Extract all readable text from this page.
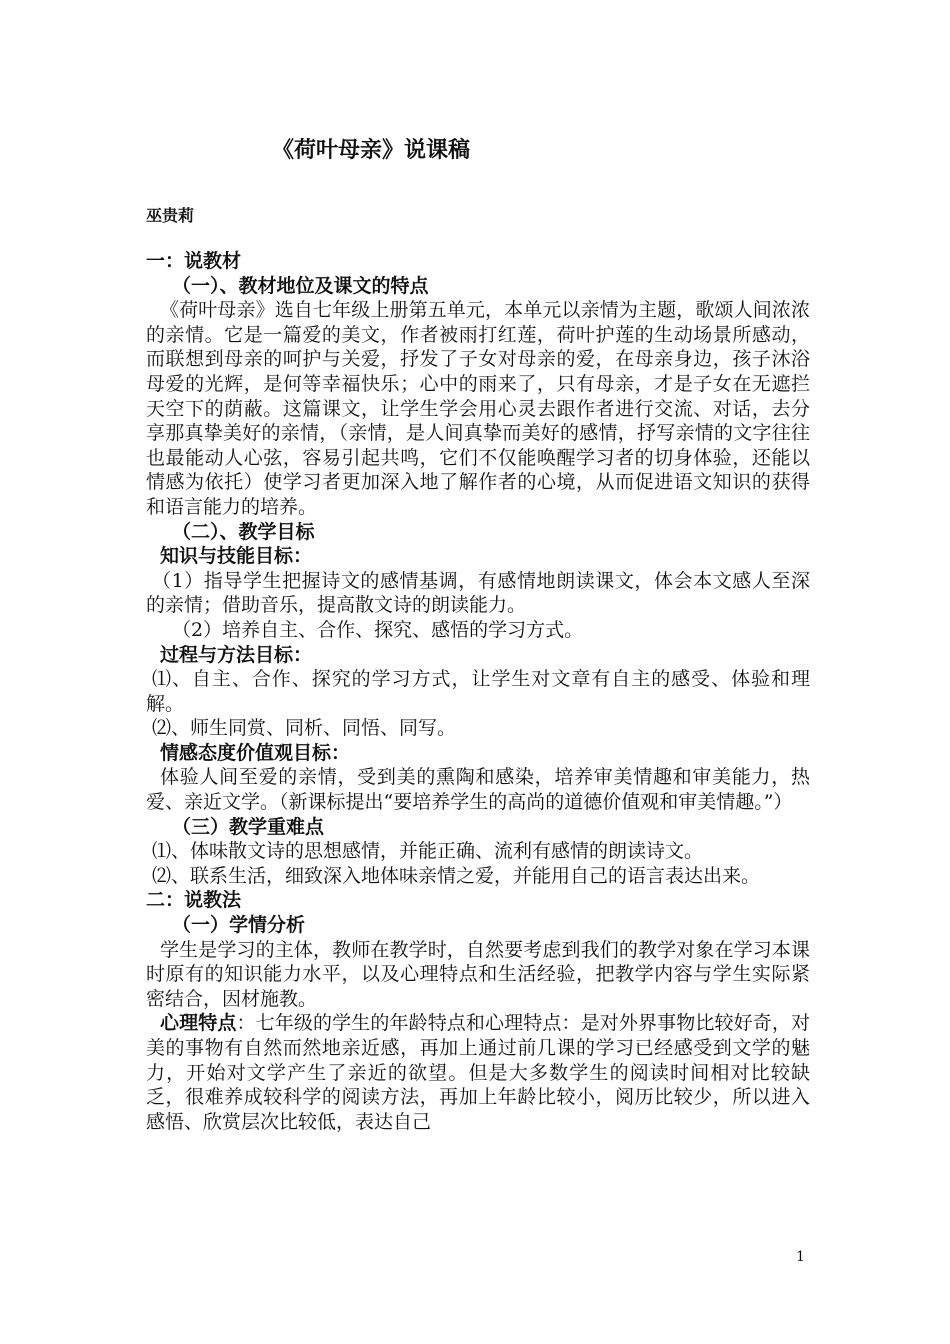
《荷叶母亲》说课稿
巫贵莉

一：说教材

（一）、教材地位及课文的特点

《荷叶母亲》选自七年级上册第五单元，本单元以亲情为主题，歌颂人间浓浓的亲情。它是一篇爱的美文，作者被雨打红莲，荷叶护莲的生动场景所感动，而联想到母亲的呵护与关爱，抒发了子女对母亲的爱，在母亲身边，孩子沐浴母爱的光辉，是何等幸福快乐；心中的雨来了，只有母亲，才是子女在无遮拦天空下的荫蔽。这篇课文，让学生学会用心灵去跟作者进行交流、对话，去分享那真挚美好的亲情，（亲情，是人间真挚而美好的感情，抒写亲情的文字往往也最能动人心弦，容易引起共鸣，它们不仅能唤醒学习者的切身体验，还能以情感为依托）使学习者更加深入地了解作者的心境，从而促进语文知识的获得和语言能力的培养。

（二）、教学目标

知识与技能目标：

（1）指导学生把握诗文的感情基调，有感情地朗读课文，体会本文感人至深的亲情；借助音乐，提高散文诗的朗读能力。

（2）培养自主、合作、探究、感悟的学习方式。

过程与方法目标：

⑴、自主、合作、探究的学习方式，让学生对文章有自主的感受、体验和理解。

⑵、师生同赏、同析、同悟、同写。

情感态度价值观目标：

体验人间至爱的亲情，受到美的熏陶和感染，培养审美情趣和审美能力，热爱、亲近文学。（新课标提出“要培养学生的高尚的道德价值观和审美情趣。”）

（三）教学重难点

⑴、体味散文诗的思想感情，并能正确、流利有感情的朗读诗文。

⑵、联系生活，细致深入地体味亲情之爱，并能用自己的语言表达出来。

二：说教法

（一）学情分析

学生是学习的主体，教师在教学时，自然要考虑到我们的教学对象在学习本课时原有的知识能力水平，以及心理特点和生活经验，把教学内容与学生实际紧密结合，因材施教。

心理特点：七年级的学生的年龄特点和心理特点：是对外界事物比较好奇，对美的事物有自然而然地亲近感，再加上通过前几课的学习已经感受到文学的魅力，开始对文学产生了亲近的欲望。但是大多数学生的阅读时间相对比较缺乏，很难养成较科学的阅读方法，再加上年龄比较小，阅历比较少，所以进入感悟、欣赏层次比较低，表达自己

1
